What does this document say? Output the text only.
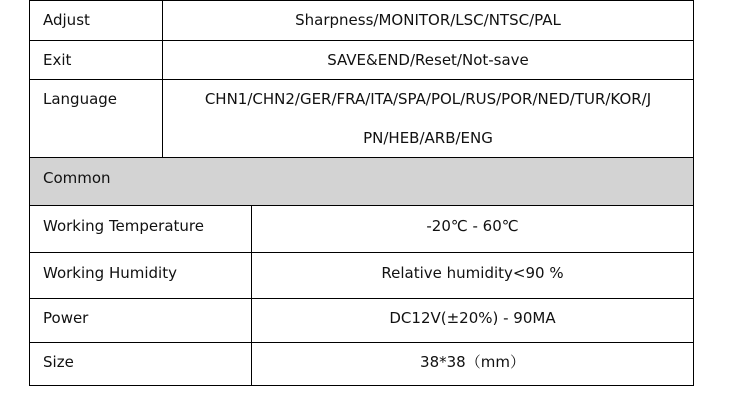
Adjust	Sharpness/MONITOR/LSC/NTSC/PAL
Exit	SAVE&END/Reset/Not-save
Language	CHN1/CHN2/GER/FRA/ITA/SPA/POL/RUS/POR/NED/TUR/KOR/J
PN/HEB/ARB/ENG
Common
Working Temperature	-20℃ - 60℃
Working Humidity	Relative humidity<90 %
Power	DC12V(±20%) - 90MA
Size	38*38（mm）
